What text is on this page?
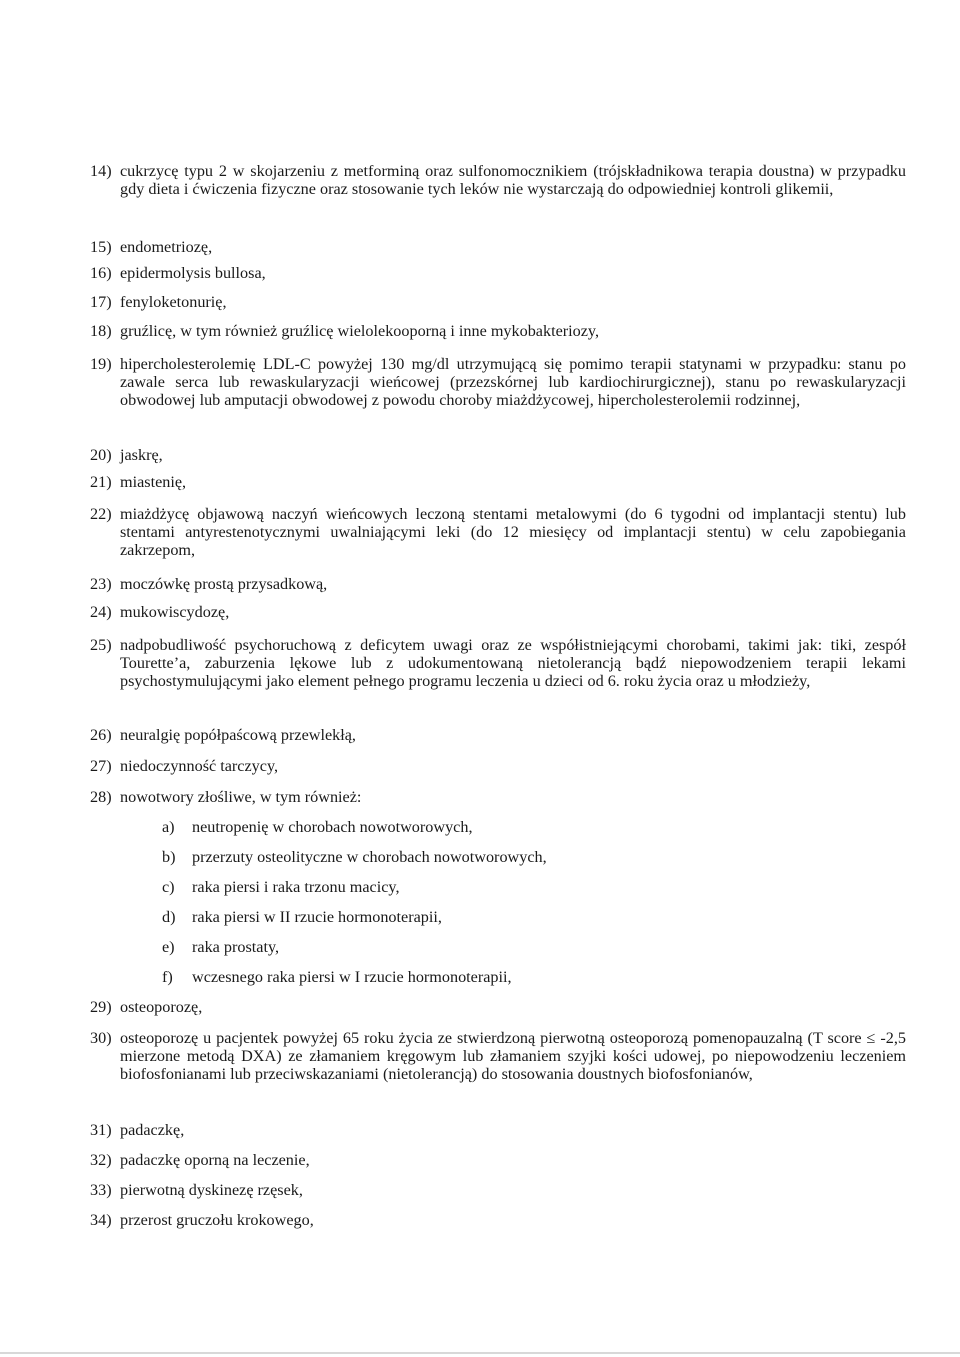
14) cukrzycę typu 2 w skojarzeniu z metforminą oraz sulfonomocznikiem (trójskładnikowa terapia doustna) w przypadku gdy dieta i ćwiczenia fizyczne oraz stosowanie tych leków nie wystarczają do odpowiedniej kontroli glikemii,
15) endometriozę,
16) epidermolysis bullosa,
17) fenyloketonurię,
18) gruźlicę, w tym również gruźlicę wielolekooporną i inne mykobakteriozy,
19) hipercholesterolemię LDL-C powyżej 130 mg/dl utrzymującą się pomimo terapii statynami w przypadku: stanu po zawale serca lub rewaskularyzacji wieńcowej (przezskórnej lub kardiochirurgicznej), stanu po rewaskularyzacji obwodowej lub amputacji obwodowej z powodu choroby miażdżycowej, hipercholesterolemii rodzinnej,
20) jaskrę,
21) miastenię,
22) miażdżycę objawową naczyń wieńcowych leczoną stentami metalowymi (do 6 tygodni od implantacji stentu) lub stentami antyrestenotycznymi uwalniającymi leki (do 12 miesięcy od implantacji stentu) w celu zapobiegania zakrzepom,
23) moczówkę prostą przysadkową,
24) mukowiscydozę,
25) nadpobudliwość psychoruchową z deficytem uwagi oraz ze współistniejącymi chorobami, takimi jak: tiki, zespół Tourette’a, zaburzenia lękowe lub z udokumentowaną nietolerancją bądź niepowodzeniem terapii lekami psychostymulującymi jako element pełnego programu leczenia u dzieci od 6. roku życia oraz u młodzieży,
26) neuralgię popółpaścową przewlekłą,
27) niedoczynność tarczycy,
28) nowotwory złośliwe, w tym również:
a) neutropenię w chorobach nowotworowych,
b) przerzuty osteolityczne w chorobach nowotworowych,
c) raka piersi i raka trzonu macicy,
d) raka piersi w II rzucie hormonoterapii,
e) raka prostaty,
f) wczesnego raka piersi w I rzucie hormonoterapii,
29) osteoporozę,
30) osteoporozę u pacjentek powyżej 65 roku życia ze stwierdzoną pierwotną osteoporozą pomenopauzalną (T score ≤ -2,5 mierzone metodą DXA) ze złamaniem kręgowym lub złamaniem szyjki kości udowej, po niepowodzeniu leczeniem biofosfonianami lub przeciwskazaniami (nietolerancją) do stosowania doustnych biofosfonianów,
31) padaczkę,
32) padaczkę oporną na leczenie,
33) pierwotną dyskinezę rzęsek,
34) przerost gruczołu krokowego,
